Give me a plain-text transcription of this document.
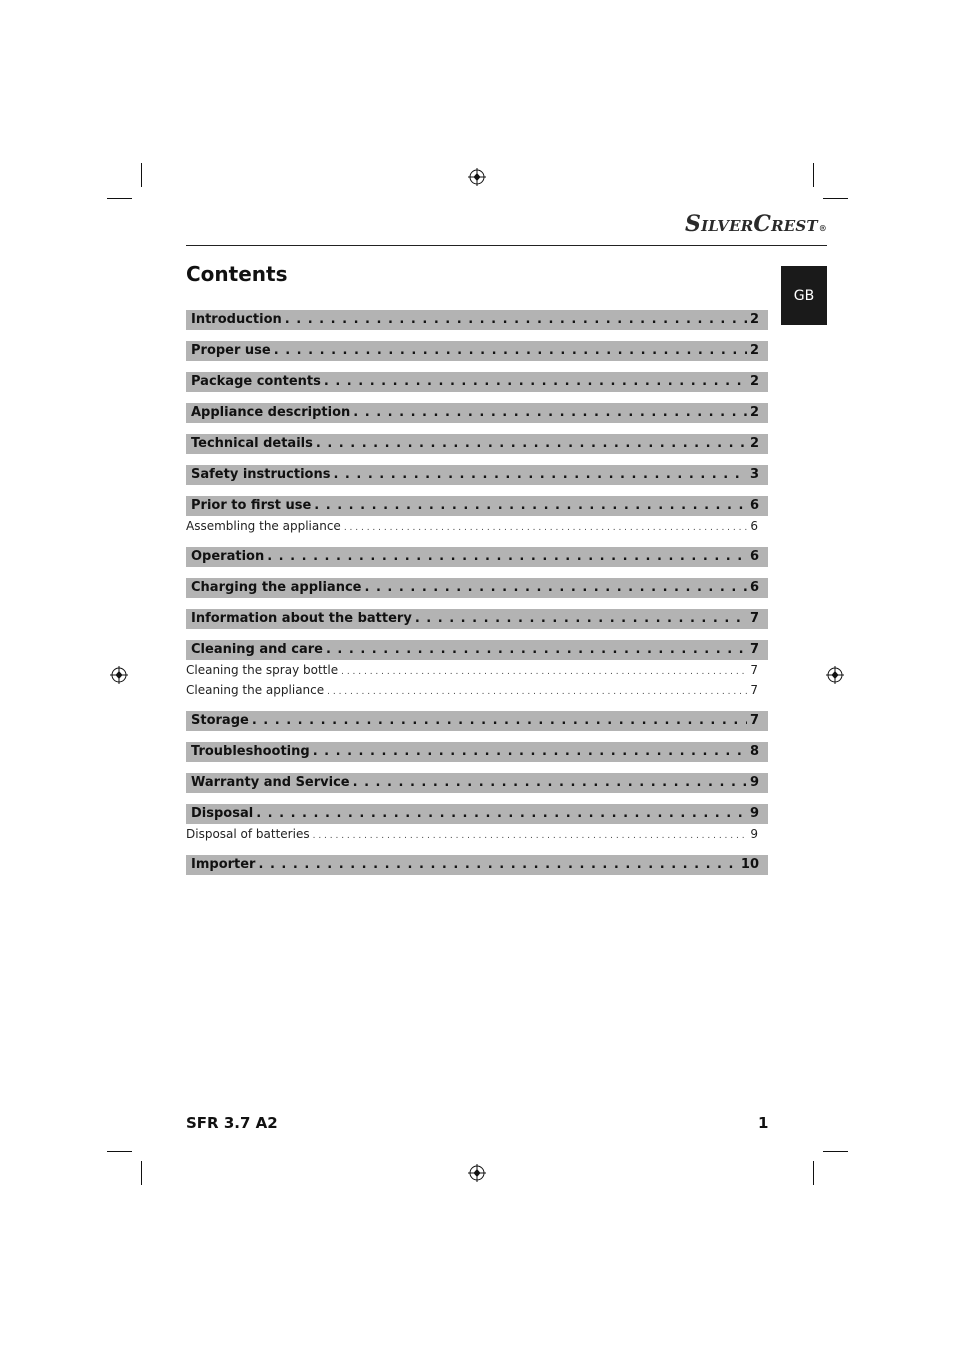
SilverCrest ®
Contents
GB
Introduction . . .	2
Proper use . . .	2
Package contents . . .	2
Appliance description . . .	2
Technical details . . .	2
Safety instructions . . .	3
Prior to first use . . .	6
Assembling the appliance . . .	6
Operation . . .	6
Charging the appliance . . .	6
Information about the battery . . .	7
Cleaning and care . . .	7
Cleaning the spray bottle . . .	7
Cleaning the appliance . . .	7
Storage . . .	7
Troubleshooting . . .	8
Warranty and Service . . .	9
Disposal . . .	9
Disposal of batteries . . .	9
Importer . . .	10
SFR 3.7 A2	1
